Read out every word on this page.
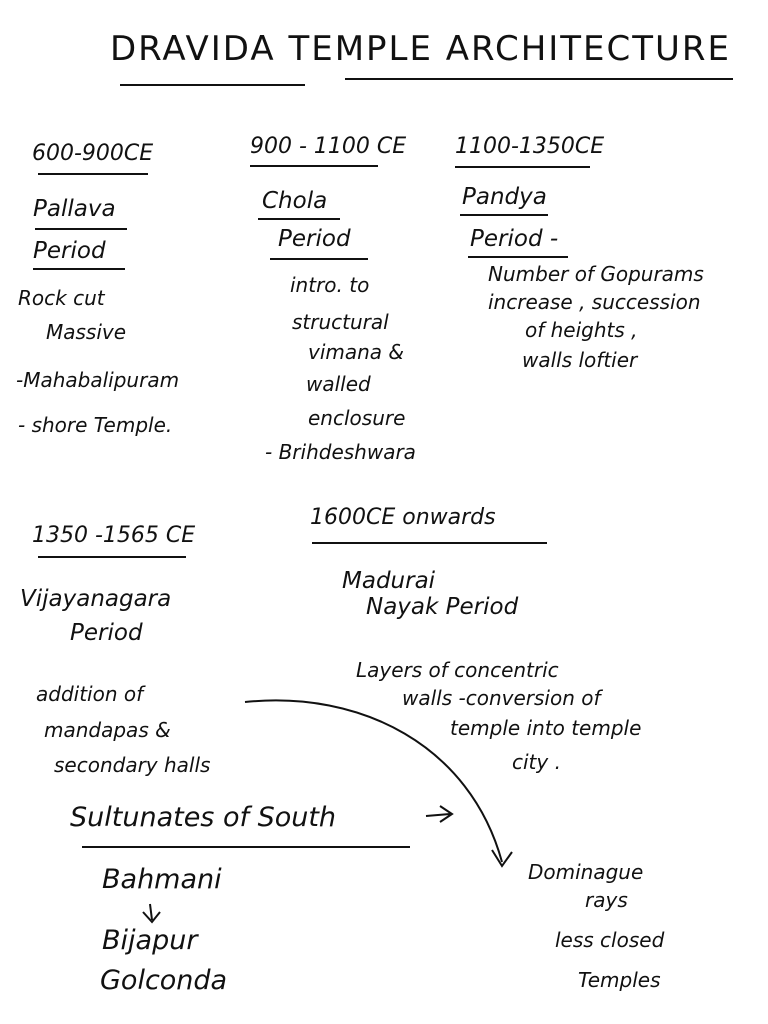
DRAVIDA TEMPLE ARCHITECTURE
600-900CE
Pallava
Period
Rock cut
Massive
-Mahabalipuram
- shore Temple.
900 - 1100 CE
Chola
Period
intro. to
structural
vimana &
walled
enclosure
- Brihdeshwara
1100-1350CE
Pandya
Period -
Number of Gopurams
increase , succession
of heights ,
walls loftier
1350 -1565 CE
Vijayanagara
Period
addition of
mandapas &
secondary halls
1600CE onwards
Madurai
Nayak Period
Layers of concentric
walls -conversion of
temple into temple
city .
Sultunates of South
Bahmani
Bijapur
Golconda
Dominague
rays
less closed
Temples
